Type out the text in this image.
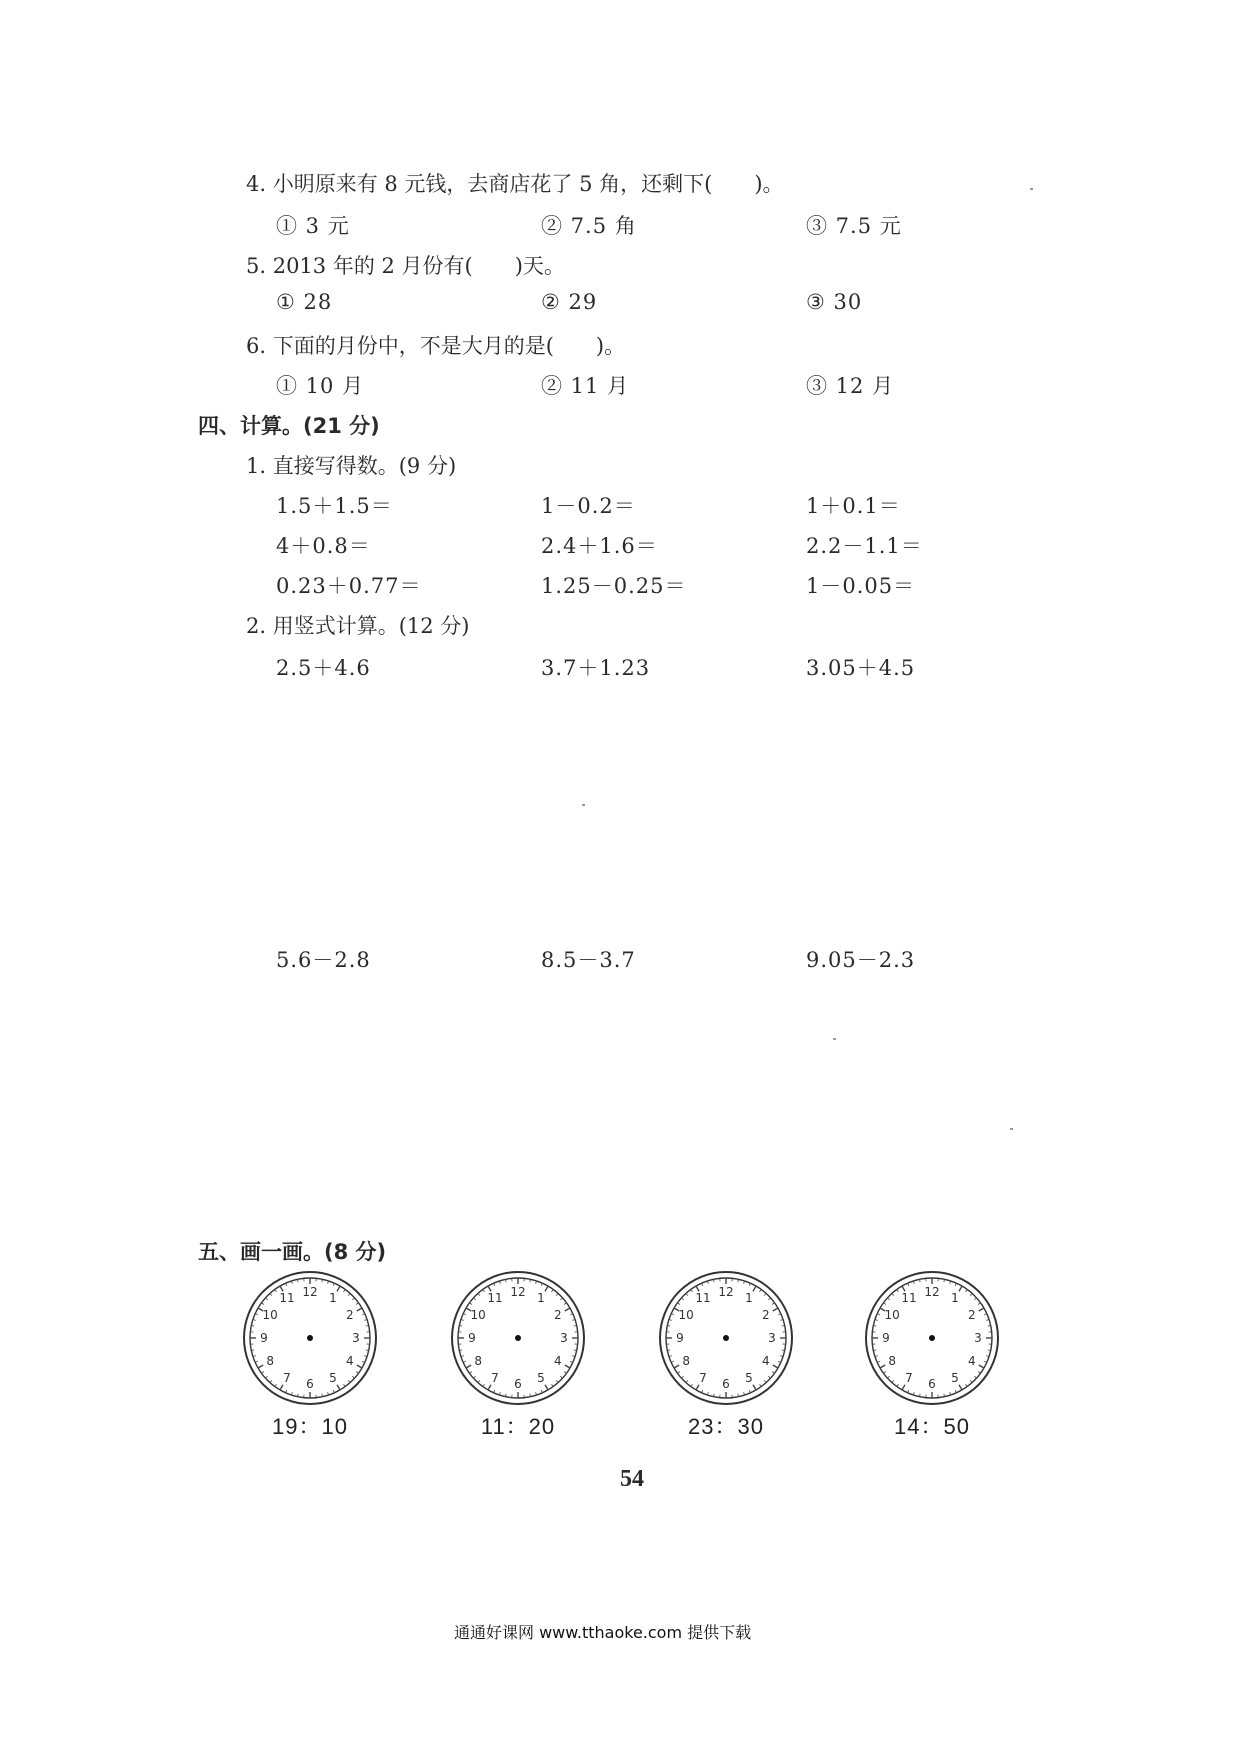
4. 小明原来有 8 元钱，去商店花了 5 角，还剩下(　　)。
① 3 元	② 7.5 角	③ 7.5 元
5. 2013 年的 2 月份有(　　)天。
① 28	② 29	③ 30
6. 下面的月份中，不是大月的是(　　)。
① 10 月	② 11 月	③ 12 月
四、计算。(21 分)
1. 直接写得数。(9 分)
1.5＋1.5＝	1－0.2＝	1＋0.1＝
4＋0.8＝	2.4＋1.6＝	2.2－1.1＝
0.23＋0.77＝	1.25－0.25＝	1－0.05＝
2. 用竖式计算。(12 分)
2.5＋4.6	3.7＋1.23	3.05＋4.5
5.6－2.8	8.5－3.7	9.05－2.3
五、画一画。(8 分)
12 1
2
3
4
5
6
7
8
9
10
11	12 1
2
3
4
5
6
7
8
9
10
11	12 1
2
3
4
5
6
7
8
9
10
11	12 1
2
3
4
5
6
7
8
9
10
11
19：10	11：20	23：30	14：50
54
通通好课网 www.tthaoke.com 提供下载
